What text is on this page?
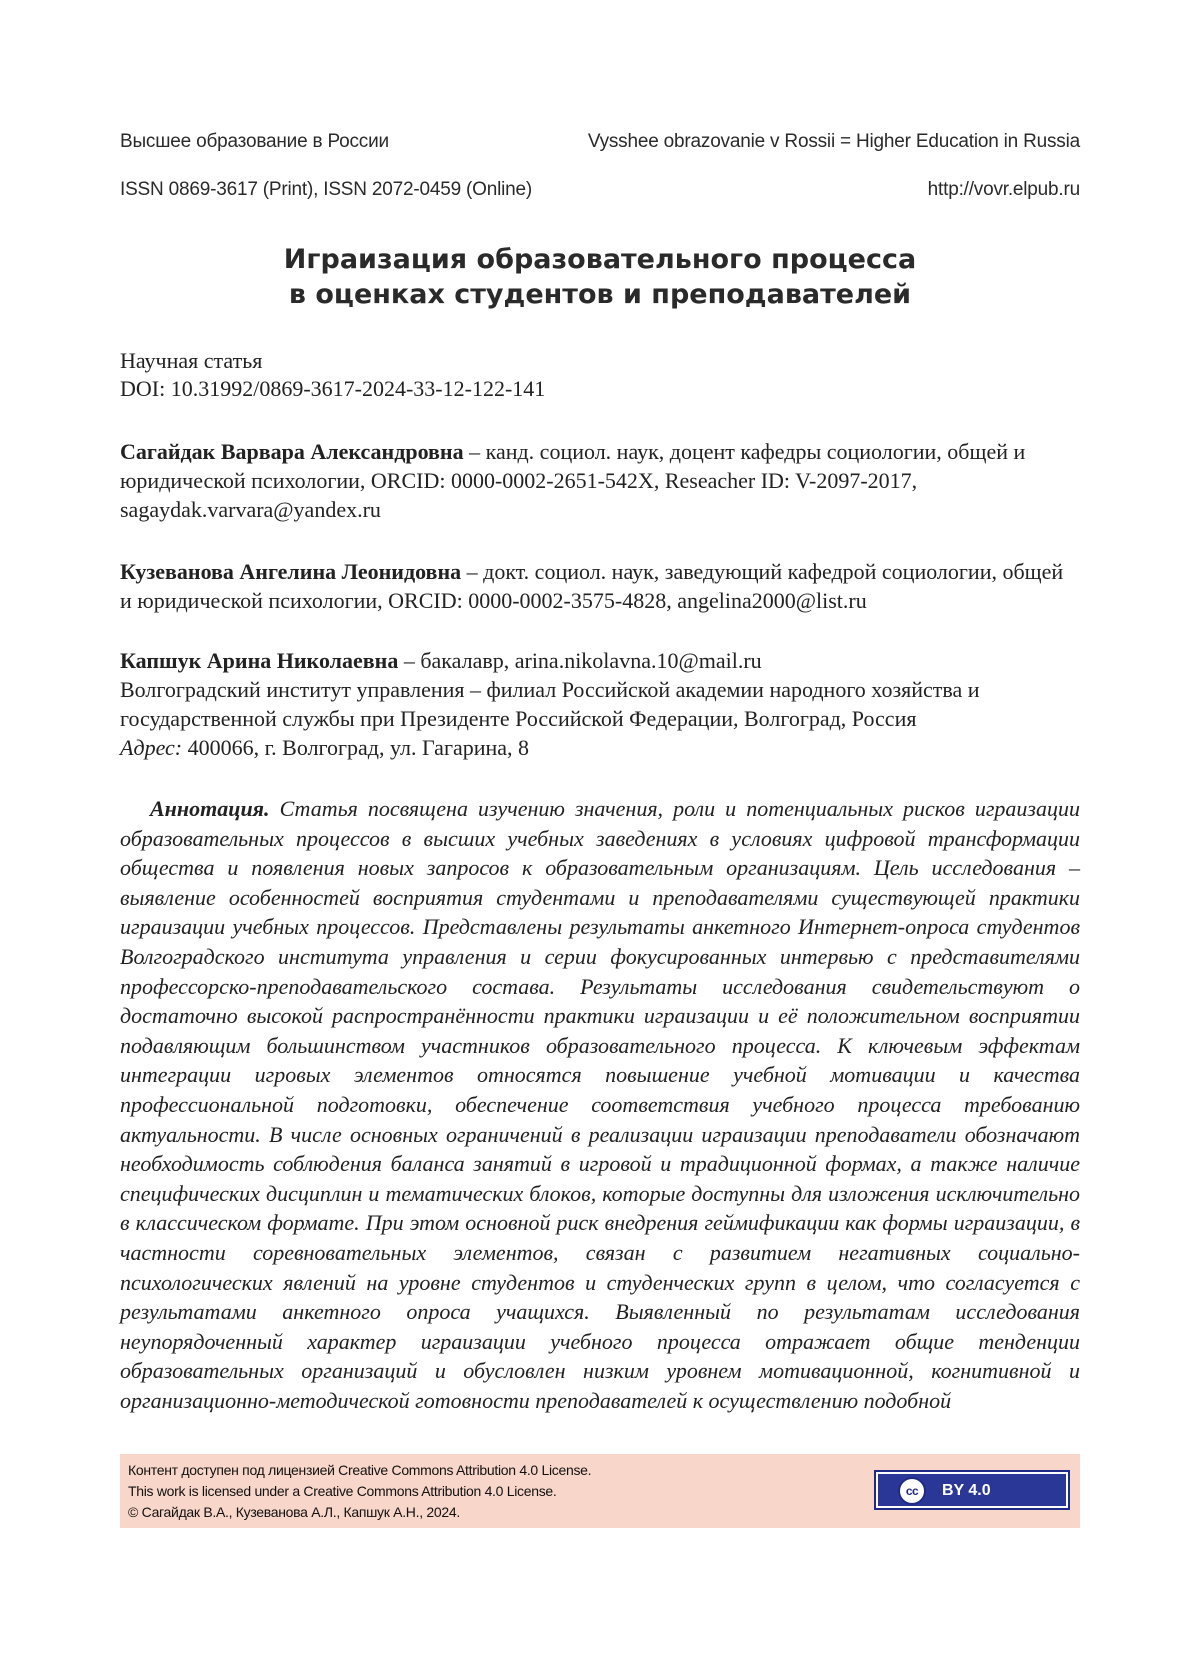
Высшее образование в России	Vysshee obrazovanie v Rossii = Higher Education in Russia
ISSN 0869-3617 (Print), ISSN 2072-0459 (Online)	http://vovr.elpub.ru
Играизация образовательного процесса
в оценках студентов и преподавателей

Научная статья
DOI: 10.31992/0869-3617-2024-33-12-122-141

Сагайдак Варвара Александровна – канд. социол. наук, доцент кафедры социологии, общей и юридической психологии, ORCID: 0000-0002-2651-542X, Reseacher ID: V-2097-2017, sagaydak.varvara@yandex.ru

Кузеванова Ангелина Леонидовна – докт. социол. наук, заведующий кафедрой социологии, общей и юридической психологии, ORCID: 0000-0002-3575-4828, angelina2000@list.ru

Капшук Арина Николаевна – бакалавр, arina.nikolavna.10@mail.ru
Волгоградский институт управления – филиал Российской академии народного хозяйства и государственной службы при Президенте Российской Федерации, Волгоград, Россия
Адрес: 400066, г. Волгоград, ул. Гагарина, 8

Аннотация. Статья посвящена изучению значения, роли и потенциальных рисков играизации образовательных процессов в высших учебных заведениях в условиях цифровой трансформации общества и появления новых запросов к образовательным организациям. Цель исследования – выявление особенностей восприятия студентами и преподавателями существующей практики играизации учебных процессов. Представлены результаты анкетного Интернет-опроса студентов Волгоградского института управления и серии фокусированных интервью с представителями профессорско-преподавательского состава. Результаты исследования свидетельствуют о достаточно высокой распространённости практики играизации и её положительном восприятии подавляющим большинством участников образовательного процесса. К ключевым эффектам интеграции игровых элементов относятся повышение учебной мотивации и качества профессиональной подготовки, обеспечение соответствия учебного процесса требованию актуальности. В числе основных ограничений в реализации играизации преподаватели обозначают необходимость соблюдения баланса занятий в игровой и традиционной формах, а также наличие специфических дисциплин и тематических блоков, которые доступны для изложения исключительно в классическом формате. При этом основной риск внедрения геймификации как формы играизации, в частности соревновательных элементов, связан с развитием негативных социально-психологических явлений на уровне студентов и студенческих групп в целом, что согласуется с результатами анкетного опроса учащихся. Выявленный по результатам исследования неупорядоченный характер играизации учебного процесса отражает общие тенденции образовательных организаций и обусловлен низким уровнем мотивационной, когнитивной и организационно-методической готовности преподавателей к осуществлению подобной

Контент доступен под лицензией Creative Commons Attribution 4.0 License.
This work is licensed under a Creative Commons Attribution 4.0 License.
© Сагайдак В.А., Кузеванова А.Л., Капшук А.Н., 2024.
cc	BY 4.0
